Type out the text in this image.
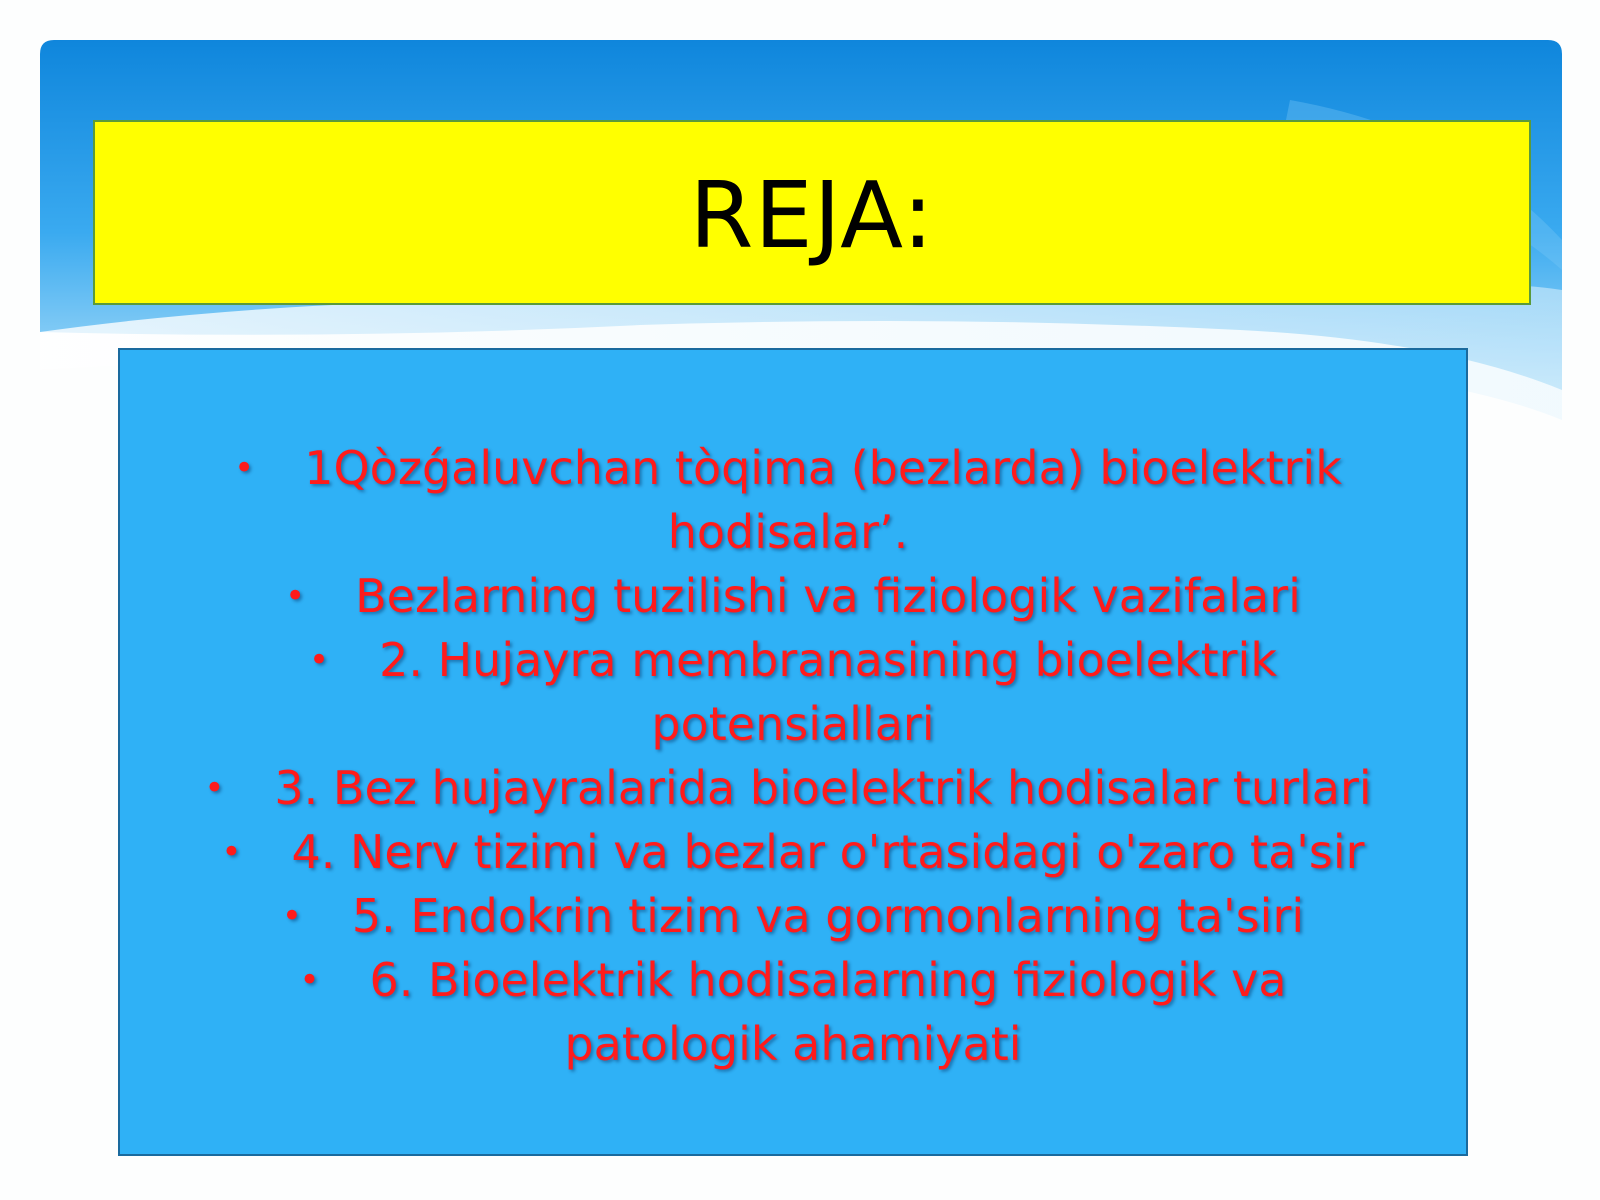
REJA:
• 1Qòzǵaluvchan tòqima (bezlarda) bioelektrik hodisalar’.
• Bezlarning tuzilishi va fiziologik vazifalari
• 2. Hujayra membranasining bioelektrik potensiallari
• 3. Bez hujayralarida bioelektrik hodisalar turlari
• 4. Nerv tizimi va bezlar o'rtasidagi o'zaro ta'sir
• 5. Endokrin tizim va gormonlarning ta'siri
• 6. Bioelektrik hodisalarning fiziologik va patologik ahamiyati
